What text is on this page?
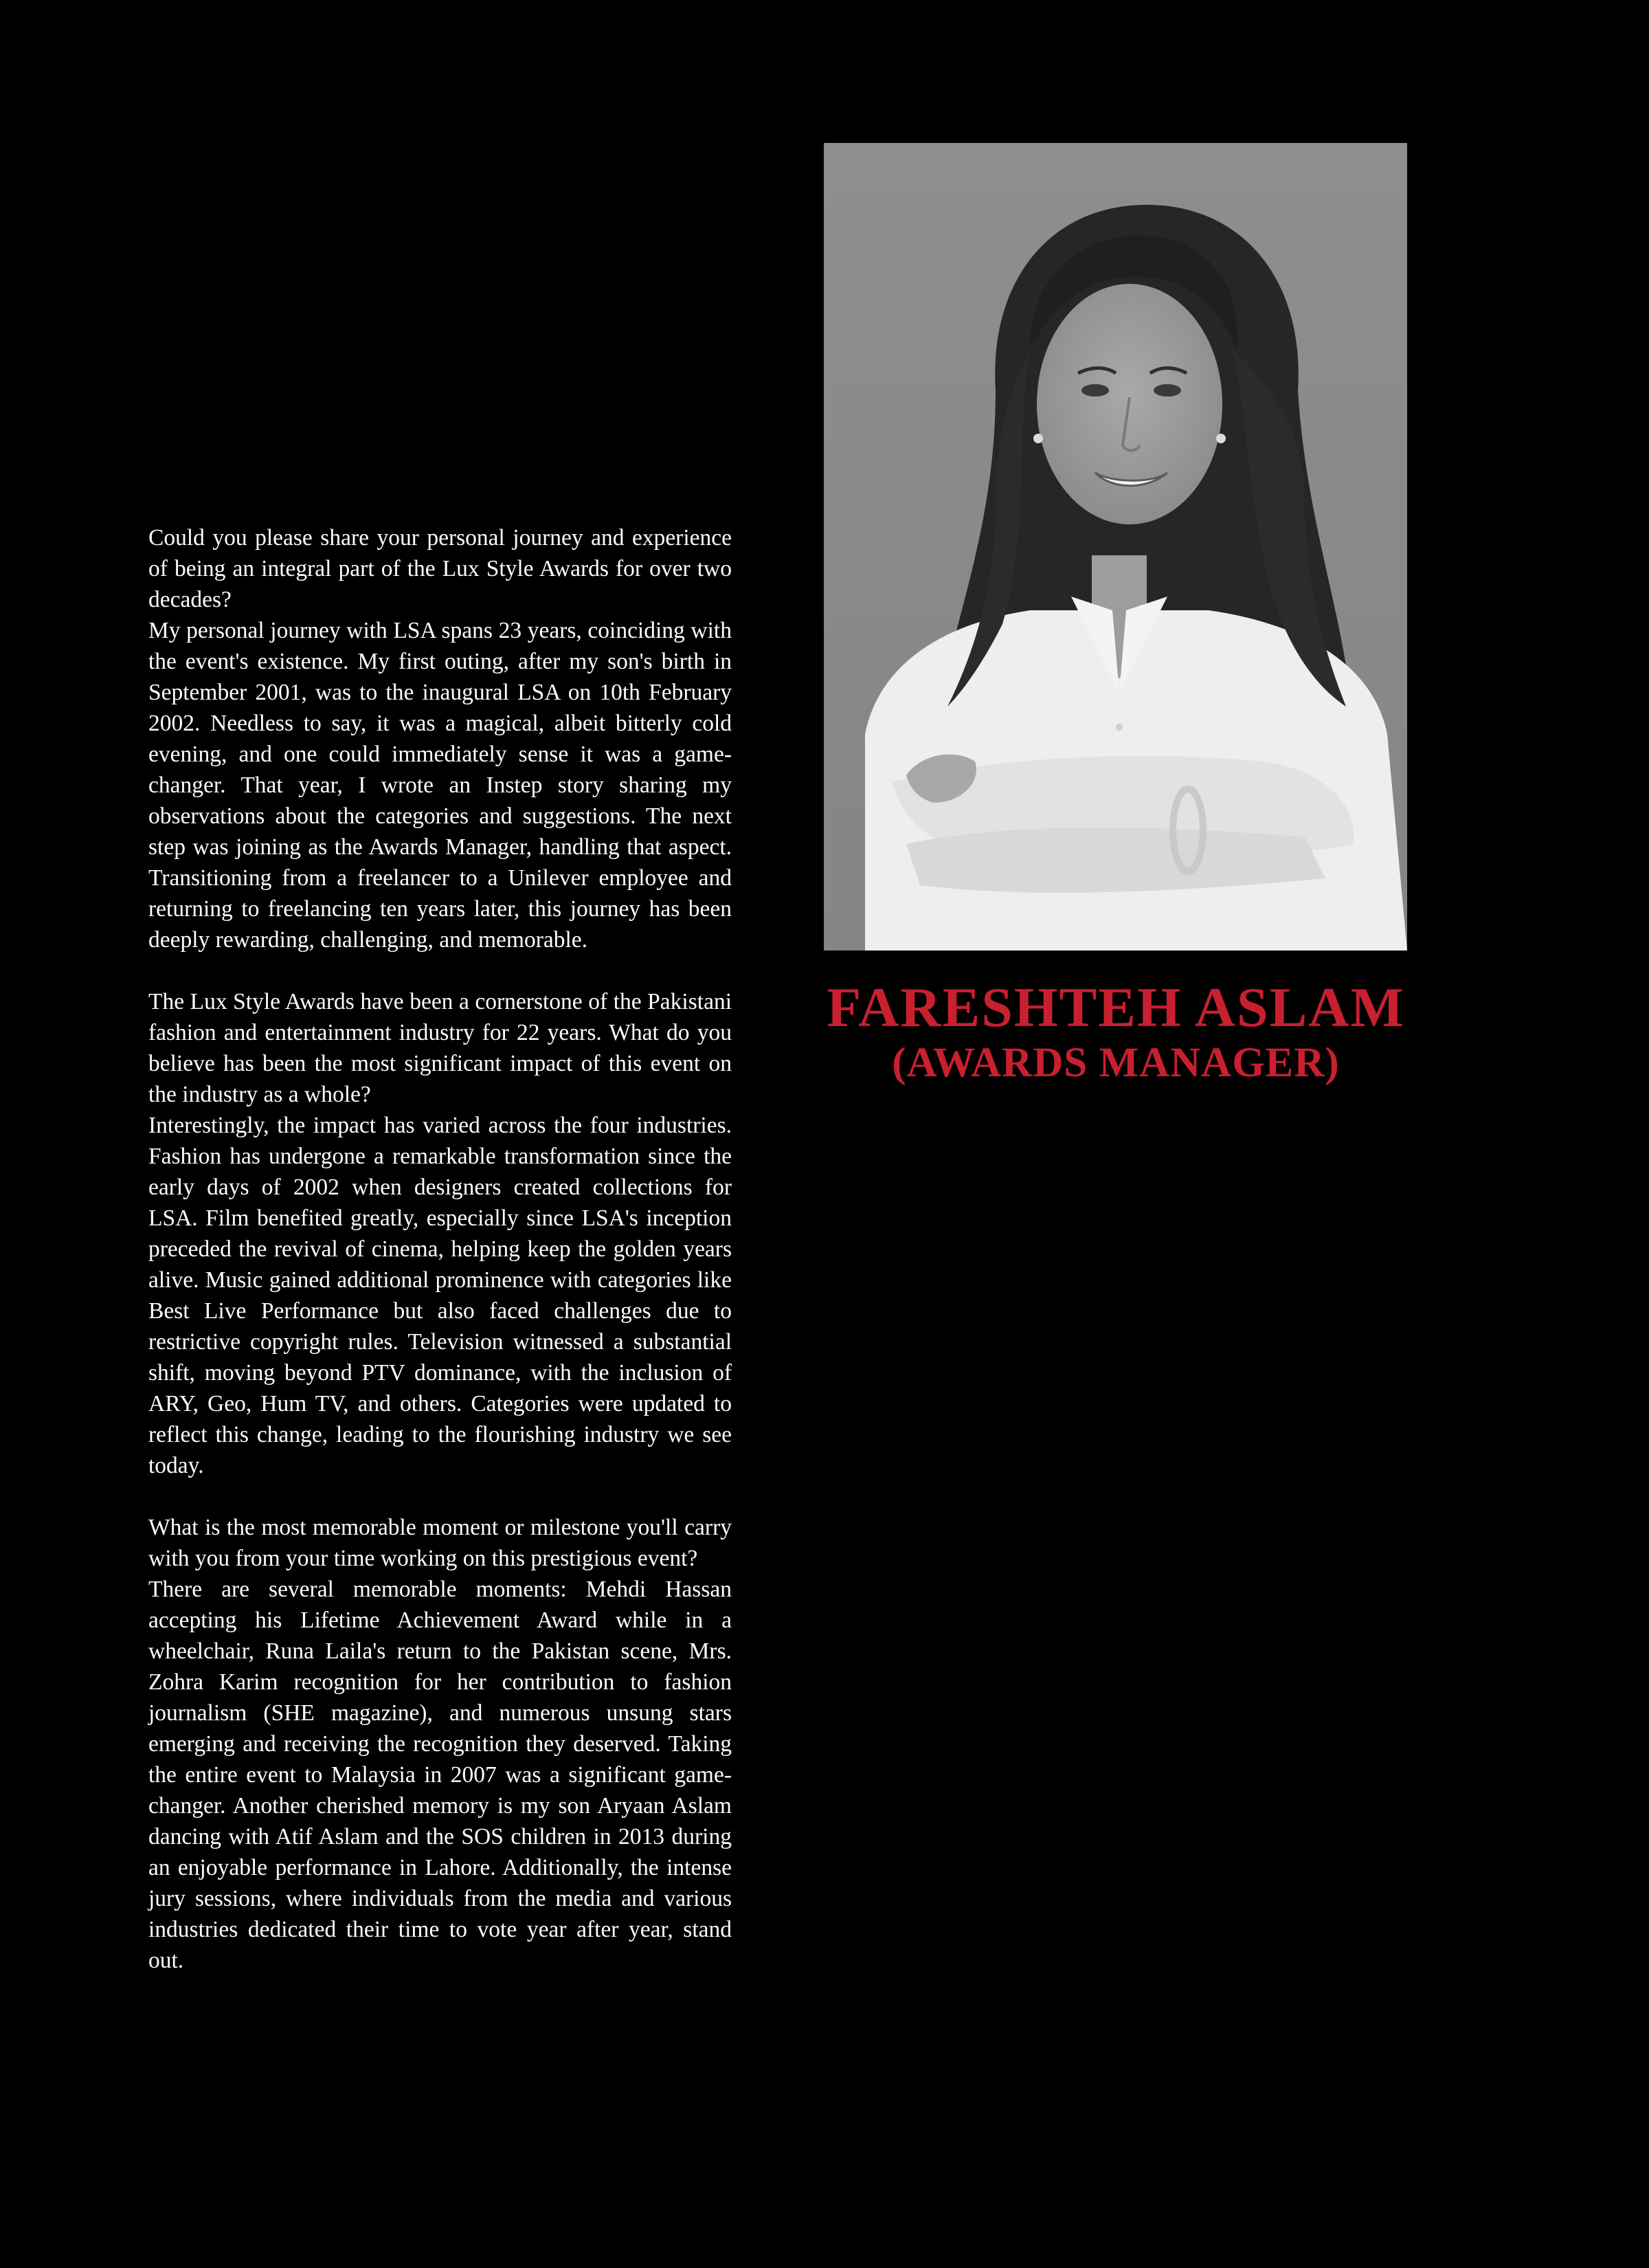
Could you please share your personal journey and experience of being an integral part of the Lux Style Awards for over two decades?

My personal journey with LSA spans 23 years, coinciding with the event's existence. My first outing, after my son's birth in September 2001, was to the inaugural LSA on 10th February 2002. Needless to say, it was a magical, albeit bitterly cold evening, and one could immediately sense it was a game-changer. That year, I wrote an Instep story sharing my observations about the categories and suggestions. The next step was joining as the Awards Manager, handling that aspect. Transitioning from a freelancer to a Unilever employee and returning to freelancing ten years later, this journey has been deeply rewarding, challenging, and memorable.

The Lux Style Awards have been a cornerstone of the Pakistani fashion and entertainment industry for 22 years. What do you believe has been the most significant impact of this event on the industry as a whole?

Interestingly, the impact has varied across the four industries. Fashion has undergone a remarkable transformation since the early days of 2002 when designers created collections for LSA. Film benefited greatly, especially since LSA's inception preceded the revival of cinema, helping keep the golden years alive. Music gained additional prominence with categories like Best Live Performance but also faced challenges due to restrictive copyright rules. Television witnessed a substantial shift, moving beyond PTV dominance, with the inclusion of ARY, Geo, Hum TV, and others. Categories were updated to reflect this change, leading to the flourishing industry we see today.

What is the most memorable moment or milestone you'll carry with you from your time working on this prestigious event?

There are several memorable moments: Mehdi Hassan accepting his Lifetime Achievement Award while in a wheelchair, Runa Laila's return to the Pakistan scene, Mrs. Zohra Karim recognition for her contribution to fashion journalism (SHE magazine), and numerous unsung stars emerging and receiving the recognition they deserved. Taking the entire event to Malaysia in 2007 was a significant game-changer. Another cherished memory is my son Aryaan Aslam dancing with Atif Aslam and the SOS children in 2013 during an enjoyable performance in Lahore. Additionally, the intense jury sessions, where individuals from the media and various industries dedicated their time to vote year after year, stand out.

FARESHTEH ASLAM
(AWARDS MANAGER)
